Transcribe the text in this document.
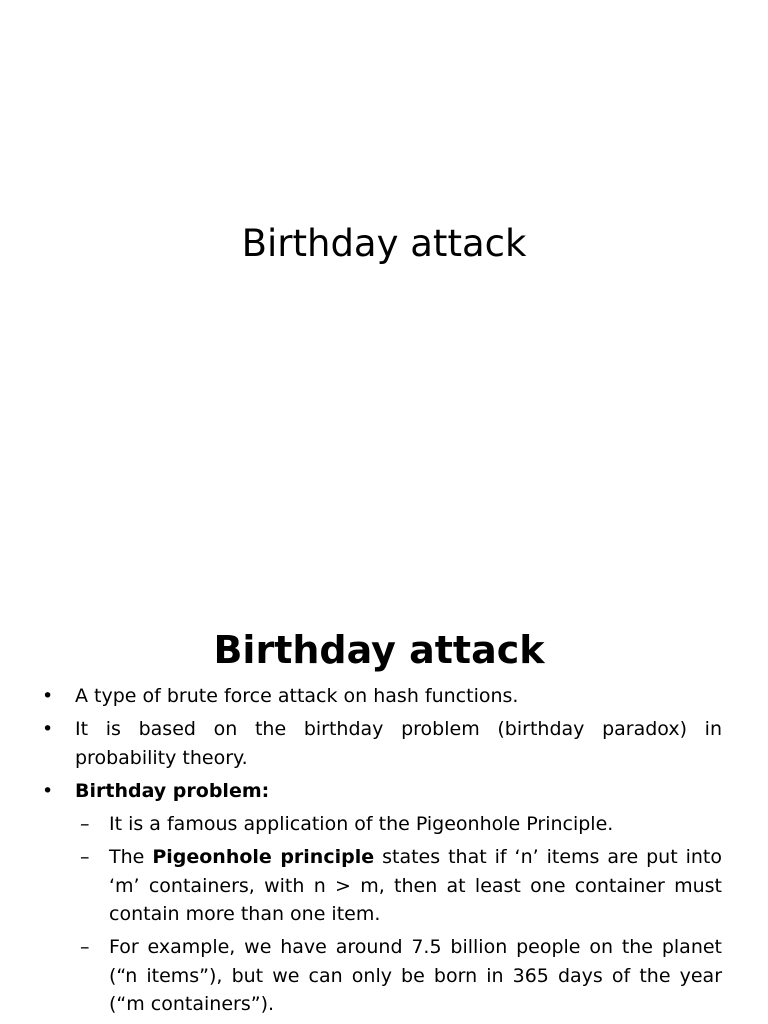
Birthday attack
Birthday attack
• A type of brute force attack on hash functions.
• It is based on the birthday problem (birthday paradox) in probability theory.
• Birthday problem:
– It is a famous application of the Pigeonhole Principle.
– The Pigeonhole principle states that if ‘n’ items are put into ‘m’ containers, with n > m, then at least one container must contain more than one item.
– For example, we have around 7.5 billion people on the planet (“n items”), but we can only be born in 365 days of the year (“m containers”).
